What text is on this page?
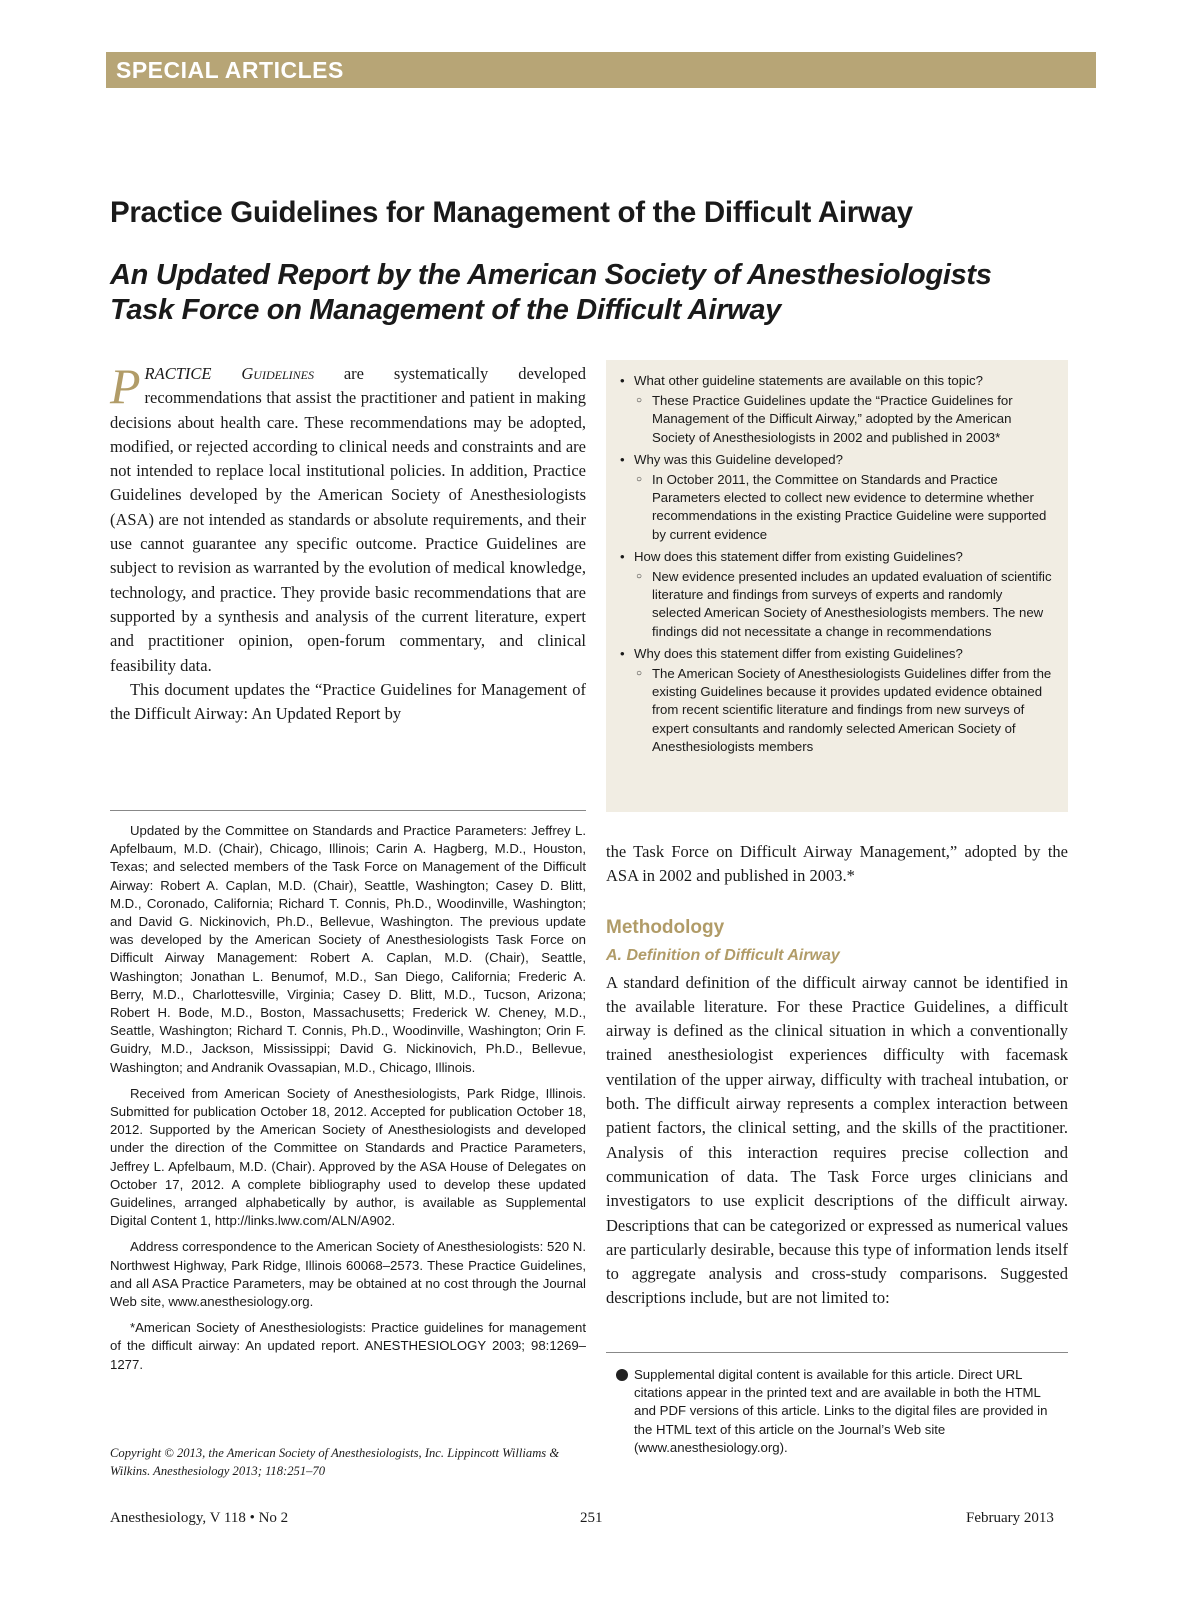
SPECIAL ARTICLES
Practice Guidelines for Management of the Difficult Airway
An Updated Report by the American Society of Anesthesiologists
Task Force on Management of the Difficult Airway

PRACTICE Guidelines are systematically developed recommendations that assist the practitioner and patient in making decisions about health care. These recommendations may be adopted, modified, or rejected according to clinical needs and constraints and are not intended to replace local institutional policies. In addition, Practice Guidelines developed by the American Society of Anesthesiologists (ASA) are not intended as standards or absolute requirements, and their use cannot guarantee any specific outcome. Practice Guidelines are subject to revision as warranted by the evolution of medical knowledge, technology, and practice. They provide basic recommendations that are supported by a synthesis and analysis of the current literature, expert and practitioner opinion, open-forum commentary, and clinical feasibility data.

This document updates the “Practice Guidelines for Management of the Difficult Airway: An Updated Report by

Updated by the Committee on Standards and Practice Parameters: Jeffrey L. Apfelbaum, M.D. (Chair), Chicago, Illinois; Carin A. Hagberg, M.D., Houston, Texas; and selected members of the Task Force on Management of the Difficult Airway: Robert A. Caplan, M.D. (Chair), Seattle, Washington; Casey D. Blitt, M.D., Coronado, California; Richard T. Connis, Ph.D., Woodinville, Washington; and David G. Nickinovich, Ph.D., Bellevue, Washington. The previous update was developed by the American Society of Anesthesiologists Task Force on Difficult Airway Management: Robert A. Caplan, M.D. (Chair), Seattle, Washington; Jonathan L. Benumof, M.D., San Diego, California; Frederic A. Berry, M.D., Charlottesville, Virginia; Casey D. Blitt, M.D., Tucson, Arizona; Robert H. Bode, M.D., Boston, Massachusetts; Frederick W. Cheney, M.D., Seattle, Washington; Richard T. Connis, Ph.D., Woodinville, Washington; Orin F. Guidry, M.D., Jackson, Mississippi; David G. Nickinovich, Ph.D., Bellevue, Washington; and Andranik Ovassapian, M.D., Chicago, Illinois.

Received from American Society of Anesthesiologists, Park Ridge, Illinois. Submitted for publication October 18, 2012. Accepted for publication October 18, 2012. Supported by the American Society of Anesthesiologists and developed under the direction of the Committee on Standards and Practice Parameters, Jeffrey L. Apfelbaum, M.D. (Chair). Approved by the ASA House of Delegates on October 17, 2012. A complete bibliography used to develop these updated Guidelines, arranged alphabetically by author, is available as Supplemental Digital Content 1, http://links.lww.com/ALN/A902.

Address correspondence to the American Society of Anesthesiologists: 520 N. Northwest Highway, Park Ridge, Illinois 60068–2573. These Practice Guidelines, and all ASA Practice Parameters, may be obtained at no cost through the Journal Web site, www.anesthesiology.org.

*American Society of Anesthesiologists: Practice guidelines for management of the difficult airway: An updated report. ANESTHESIOLOGY 2003; 98:1269–1277.

Copyright © 2013, the American Society of Anesthesiologists, Inc. Lippincott Williams & Wilkins. Anesthesiology 2013; 118:251–70
• What other guideline statements are available on this topic?
○ These Practice Guidelines update the “Practice Guidelines for Management of the Difficult Airway,” adopted by the American Society of Anesthesiologists in 2002 and published in 2003*
• Why was this Guideline developed?
○ In October 2011, the Committee on Standards and Practice Parameters elected to collect new evidence to determine whether recommendations in the existing Practice Guideline were supported by current evidence
• How does this statement differ from existing Guidelines?
○ New evidence presented includes an updated evaluation of scientific literature and findings from surveys of experts and randomly selected American Society of Anesthesiologists members. The new findings did not necessitate a change in recommendations
• Why does this statement differ from existing Guidelines?
○ The American Society of Anesthesiologists Guidelines differ from the existing Guidelines because it provides updated evidence obtained from recent scientific literature and findings from new surveys of expert consultants and randomly selected American Society of Anesthesiologists members

the Task Force on Difficult Airway Management,” adopted by the ASA in 2002 and published in 2003.*

Methodology
A. Definition of Difficult Airway

A standard definition of the difficult airway cannot be identified in the available literature. For these Practice Guidelines, a difficult airway is defined as the clinical situation in which a conventionally trained anesthesiologist experiences difficulty with facemask ventilation of the upper airway, difficulty with tracheal intubation, or both. The difficult airway represents a complex interaction between patient factors, the clinical setting, and the skills of the practitioner. Analysis of this interaction requires precise collection and communication of data. The Task Force urges clinicians and investigators to use explicit descriptions of the difficult airway. Descriptions that can be categorized or expressed as numerical values are particularly desirable, because this type of information lends itself to aggregate analysis and cross-study comparisons. Suggested descriptions include, but are not limited to:

Supplemental digital content is available for this article. Direct URL citations appear in the printed text and are available in both the HTML and PDF versions of this article. Links to the digital files are provided in the HTML text of this article on the Journal’s Web site (www.anesthesiology.org).
Anesthesiology, V 118 • No 2	251	February 2013
